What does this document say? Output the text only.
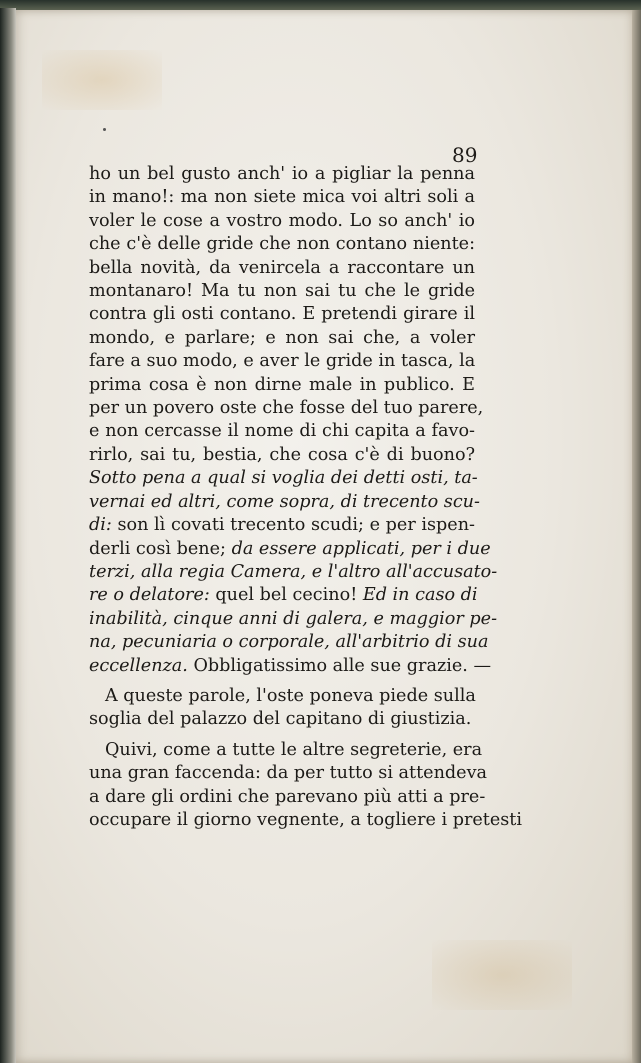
89
ho un bel gusto anch' io a pigliar la penna
in mano!: ma non siete mica voi altri soli a
voler le cose a vostro modo. Lo so anch' io
che c'è delle gride che non contano niente:
bella novità, da venircela a raccontare un
montanaro! Ma tu non sai tu che le gride
contra gli osti contano. E pretendi girare il
mondo, e parlare; e non sai che, a voler
fare a suo modo, e aver le gride in tasca, la
prima cosa è non dirne male in publico. E
per un povero oste che fosse del tuo parere,
e non cercasse il nome di chi capita a favo-
rirlo, sai tu, bestia, che cosa c'è di buono?
Sotto pena a qual si voglia dei detti osti, ta-
vernai ed altri, come sopra, di trecento scu-
di: son lì covati trecento scudi; e per ispen-
derli così bene; da essere applicati, per i due
terzi, alla regia Camera, e l'altro all'accusato-
re o delatore: quel bel cecino! Ed in caso di
inabilità, cinque anni di galera, e maggior pe-
na, pecuniaria o corporale, all'arbitrio di sua
eccellenza. Obbligatissimo alle sue grazie. —
A queste parole, l'oste poneva piede sulla
soglia del palazzo del capitano di giustizia.
Quivi, come a tutte le altre segreterie, era
una gran faccenda: da per tutto si attendeva
a dare gli ordini che parevano più atti a pre-
occupare il giorno vegnente, a togliere i pretesti
